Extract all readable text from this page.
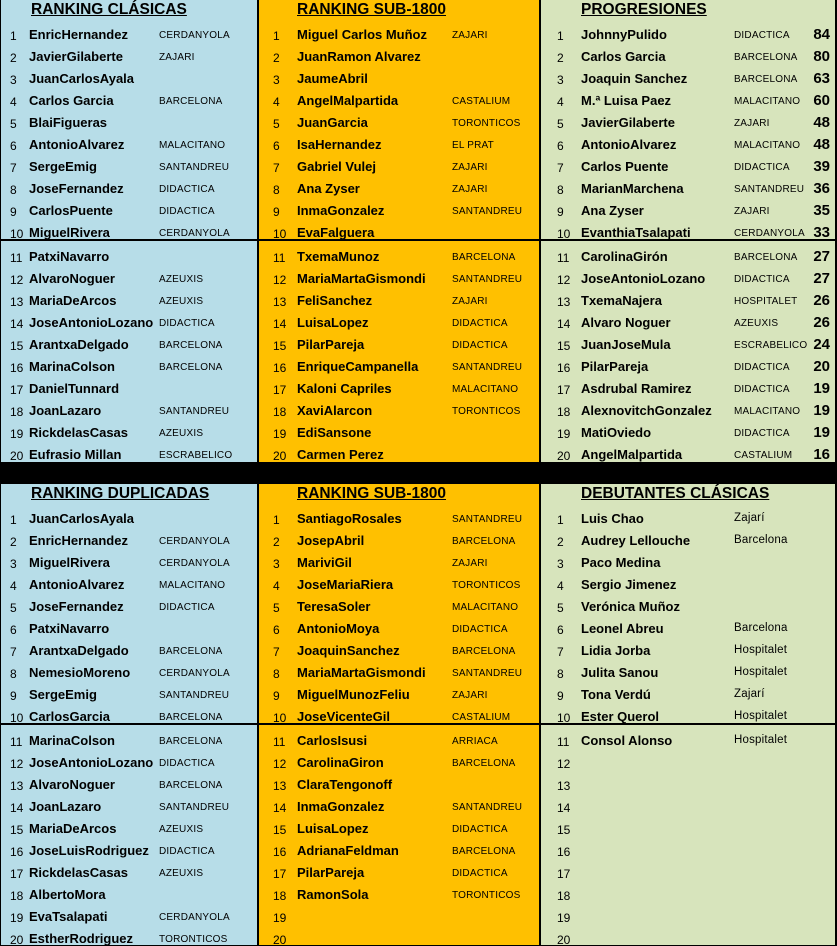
RANKING CLÁSICAS
1 EnricHernandez	CERDANYOLA
2 JavierGilaberte	ZAJARI
3 JuanCarlosAyala
4 Carlos Garcia	BARCELONA
5 BlaiFigueras
6 AntonioAlvarez	MALACITANO
7 SergeEmig	SANTANDREU
8 JoseFernandez	DIDACTICA
9 CarlosPuente	DIDACTICA
10 MiguelRivera	CERDANYOLA
11 PatxiNavarro
12 AlvaroNoguer	AZEUXIS
13 MariaDeArcos	AZEUXIS
14 JoseAntonioLozano DIDACTICA
15 ArantxaDelgado	BARCELONA
16 MarinaColson	BARCELONA
17 DanielTunnard
18 JoanLazaro	SANTANDREU
19 RickdelasCasas	AZEUXIS
20 Eufrasio Millan	ESCRABELICO
RANKING SUB-1800
1 Miguel Carlos Muñoz	ZAJARI
2 JuanRamon Alvarez
3 JaumeAbril
4 AngelMalpartida	CASTALIUM
5 JuanGarcia	TORONTICOS
6 IsaHernandez	EL PRAT
7 Gabriel Vulej	ZAJARI
8 Ana Zyser	ZAJARI
9 InmaGonzalez	SANTANDREU
10 EvaFalguera
11 TxemaMunoz	BARCELONA
12 MariaMartaGismondi	SANTANDREU
13 FeliSanchez	ZAJARI
14 LuisaLopez	DIDACTICA
15 PilarPareja	DIDACTICA
16 EnriqueCampanella	SANTANDREU
17 Kaloni Capriles	MALACITANO
18 XaviAlarcon	TORONTICOS
19 EdiSansone
20 Carmen Perez
PROGRESIONES
1 JohnnyPulido	DIDACTICA 84
2 Carlos Garcia	BARCELONA 80
3 Joaquin Sanchez	BARCELONA 63
4 M.ª Luisa Paez	MALACITANO 60
5 JavierGilaberte	ZAJARI	48
6 AntonioAlvarez	MALACITANO 48
7 Carlos Puente	DIDACTICA 39
8 MarianMarchena	SANTANDREU 36
9 Ana Zyser	ZAJARI	35
10 EvanthiaTsalapati	CERDANYOLA 33
11 CarolinaGirón	BARCELONA 27
12 JoseAntonioLozano	DIDACTICA 27
13 TxemaNajera	HOSPITALET 26
14 Alvaro Noguer	AZEUXIS 26
15 JuanJoseMula	ESCRABELICO 24
16 PilarPareja	DIDACTICA 20
17 Asdrubal Ramirez	DIDACTICA 19
18 AlexnovitchGonzalez MALACITANO 19
19 MatiOviedo	DIDACTICA 19
20 AngelMalpartida	CASTALIUM 16
RANKING DUPLICADAS
1 JuanCarlosAyala
2 EnricHernandez	CERDANYOLA
3 MiguelRivera	CERDANYOLA
4 AntonioAlvarez	MALACITANO
5 JoseFernandez	DIDACTICA
6 PatxiNavarro
7 ArantxaDelgado	BARCELONA
8 NemesioMoreno	CERDANYOLA
9 SergeEmig	SANTANDREU
10 CarlosGarcia	BARCELONA
11 MarinaColson	BARCELONA
12 JoseAntonioLozano DIDACTICA
13 AlvaroNoguer	BARCELONA
14 JoanLazaro	SANTANDREU
15 MariaDeArcos	AZEUXIS
16 JoseLuisRodriguez DIDACTICA
17 RickdelasCasas	AZEUXIS
18 AlbertoMora
19 EvaTsalapati	CERDANYOLA
20 EstherRodriguez	TORONTICOS
RANKING SUB-1800
1 SantiagoRosales	SANTANDREU
2 JosepAbril	BARCELONA
3 MariviGil	ZAJARI
4 JoseMariaRiera	TORONTICOS
5 TeresaSoler	MALACITANO
6 AntonioMoya	DIDACTICA
7 JoaquinSanchez	BARCELONA
8 MariaMartaGismondi	SANTANDREU
9 MiguelMunozFeliu	ZAJARI
10 JoseVicenteGil	CASTALIUM
11 CarlosIsusi	ARRIACA
12 CarolinaGiron	BARCELONA
13 ClaraTengonoff
14 InmaGonzalez	SANTANDREU
15 LuisaLopez	DIDACTICA
16 AdrianaFeldman	BARCELONA
17 PilarPareja	DIDACTICA
18 RamonSola	TORONTICOS
19
20
DEBUTANTES CLÁSICAS
1 Luis Chao	Zajarí
2 Audrey Lellouche	Barcelona
3 Paco Medina
4 Sergio Jimenez
5 Verónica Muñoz
6 Leonel Abreu	Barcelona
7 Lidia Jorba	Hospitalet
8 Julita Sanou	Hospitalet
9 Tona Verdú	Zajarí
10 Ester Querol	Hospitalet
11 Consol Alonso	Hospitalet
12
13
14
15
16
17
18
19
20
